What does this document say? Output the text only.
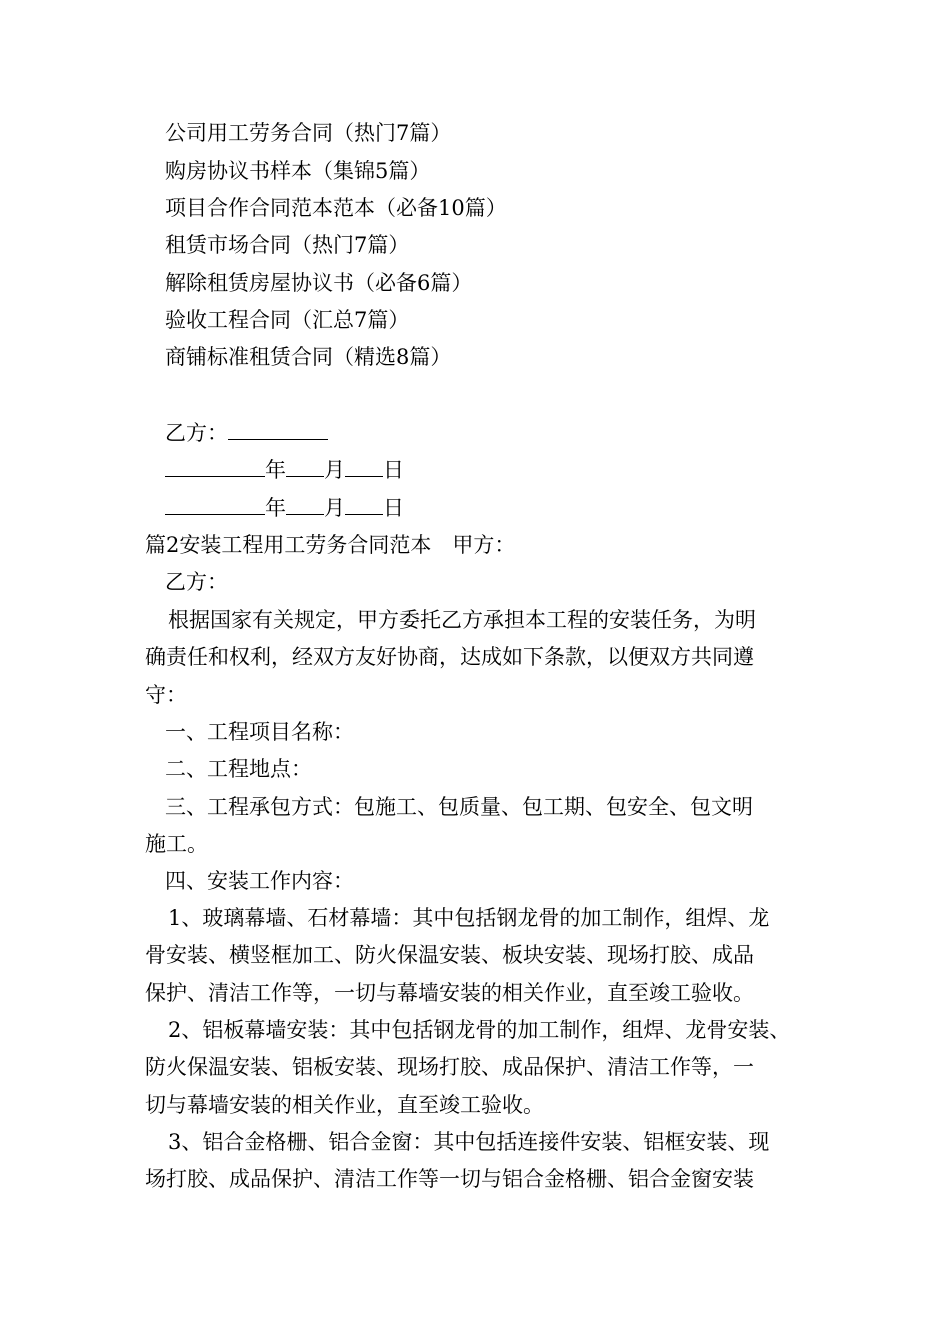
公司用工劳务合同（热门7篇）
购房协议书样本（集锦5篇）
项目合作合同范本范本（必备10篇）
租赁市场合同（热门7篇）
解除租赁房屋协议书（必备6篇）
验收工程合同（汇总7篇）
商铺标准租赁合同（精选8篇）
乙方：
年 月 日
年 月 日
篇2安装工程用工劳务合同范本　甲方：
乙方：
根据国家有关规定，甲方委托乙方承担本工程的安装任务，为明
确责任和权利，经双方友好协商，达成如下条款，以便双方共同遵
守：
一、工程项目名称：
二、工程地点：
三、工程承包方式：包施工、包质量、包工期、包安全、包文明
施工。
四、安装工作内容：
1、玻璃幕墙、石材幕墙：其中包括钢龙骨的加工制作，组焊、龙
骨安装、横竖框加工、防火保温安装、板块安装、现场打胶、成品
保护、清洁工作等，一切与幕墙安装的相关作业，直至竣工验收。
2、铝板幕墙安装：其中包括钢龙骨的加工制作，组焊、龙骨安装、
防火保温安装、铝板安装、现场打胶、成品保护、清洁工作等，一
切与幕墙安装的相关作业，直至竣工验收。
3、铝合金格栅、铝合金窗：其中包括连接件安装、铝框安装、现
场打胶、成品保护、清洁工作等一切与铝合金格栅、铝合金窗安装
